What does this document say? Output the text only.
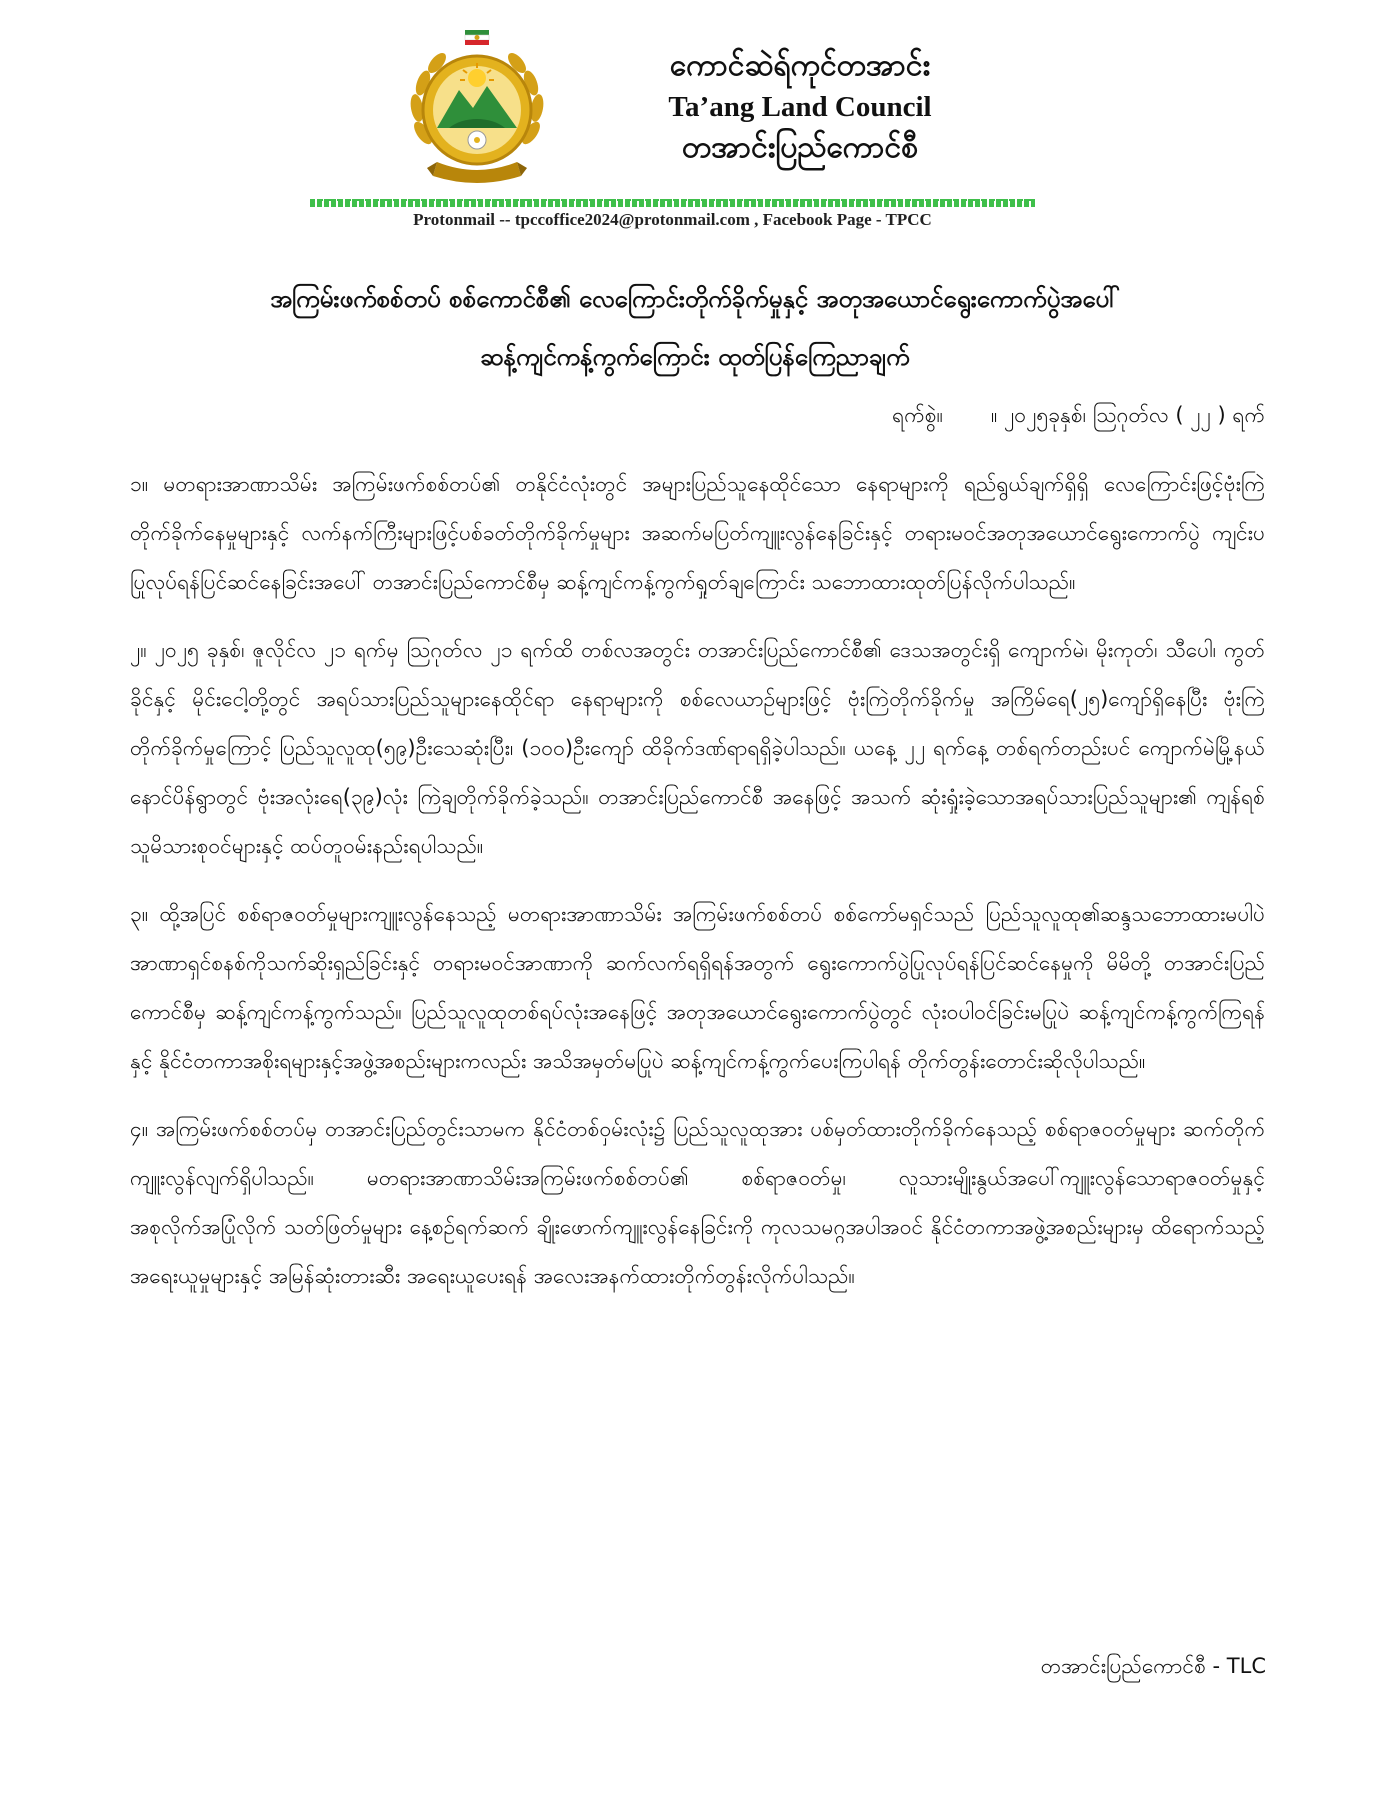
ကောင်ဆဲရ်ကုင်တအာင်း

Ta’ang Land Council

တအာင်းပြည်ကောင်စီ

Protonmail -- tpccoffice2024@protonmail.com , Facebook Page - TPCC

အကြမ်းဖက်စစ်တပ် စစ်ကောင်စီ၏ လေကြောင်းတိုက်ခိုက်မှုနှင့် အတုအယောင်ရွေးကောက်ပွဲအပေါ်

ဆန့်ကျင်ကန့်ကွက်ကြောင်း ထုတ်ပြန်ကြေညာချက်

ရက်စွဲ။ ။ ၂၀၂၅ခုနှစ်၊ ဩဂုတ်လ ( ၂၂ ) ရက်

၁။ မတရားအာဏာသိမ်း အကြမ်းဖက်စစ်တပ်၏ တနိုင်ငံလုံးတွင် အများပြည်သူနေထိုင်သော နေရာများကို ရည်ရွယ်ချက်ရှိရှိ လေကြောင်းဖြင့်ဗုံးကြဲတိုက်ခိုက်နေမှုများနှင့် လက်နက်ကြီးများဖြင့်ပစ်ခတ်တိုက်ခိုက်မှုများ အဆက်မပြတ်ကျူးလွန်နေခြင်းနှင့် တရားမဝင်အတုအယောင်ရွေးကောက်ပွဲ ကျင်းပပြုလုပ်ရန်ပြင်ဆင်နေခြင်းအပေါ် တအာင်းပြည်ကောင်စီမှ ဆန့်ကျင်ကန့်ကွက်ရှုတ်ချကြောင်း သဘောထားထုတ်ပြန်လိုက်ပါသည်။

၂။ ၂၀၂၅ ခုနှစ်၊ ဇူလိုင်လ ၂၁ ရက်မှ ဩဂုတ်လ ၂၁ ရက်ထိ တစ်လအတွင်း တအာင်းပြည်ကောင်စီ၏ ဒေသအတွင်းရှိ ကျောက်မဲ၊ မိုးကုတ်၊ သီပေါ၊ ကွတ်ခိုင်နှင့် မိုင်းငေါ့တို့တွင် အရပ်သားပြည်သူများနေထိုင်ရာ နေရာများကို စစ်လေယာဉ်များဖြင့် ဗုံးကြဲတိုက်ခိုက်မှု အကြိမ်ရေ(၂၅)ကျော်ရှိနေပြီး ဗုံးကြဲတိုက်ခိုက်မှုကြောင့် ပြည်သူလူထု(၅၉)ဦးသေဆုံးပြီး၊ (၁၀၀)ဦးကျော် ထိခိုက်ဒဏ်ရာရရှိခဲ့ပါသည်။ ယနေ့ ၂၂ ရက်နေ့ တစ်ရက်တည်းပင် ကျောက်မဲမြို့နယ် နောင်ပိန်ရွာတွင် ဗုံးအလုံးရေ(၃၉)လုံး ကြဲချတိုက်ခိုက်ခဲ့သည်။ တအာင်းပြည်ကောင်စီ အနေဖြင့် အသက် ဆုံးရှုံးခဲ့သောအရပ်သားပြည်သူများ၏ ကျန်ရစ်သူမိသားစုဝင်များနှင့် ထပ်တူဝမ်းနည်းရပါသည်။

၃။ ထို့အပြင် စစ်ရာဇဝတ်မှုများကျူးလွန်နေသည့် မတရားအာဏာသိမ်း အကြမ်းဖက်စစ်တပ် စစ်ကော်မရှင်သည် ပြည်သူလူထု၏ဆန္ဒသဘောထားမပါပဲ အာဏာရှင်စနစ်ကိုသက်ဆိုးရှည်ခြင်းနှင့် တရားမဝင်အာဏာကို ဆက်လက်ရရှိရန်အတွက် ရွေးကောက်ပွဲပြုလုပ်ရန်ပြင်ဆင်နေမှုကို မိမိတို့ တအာင်းပြည်ကောင်စီမှ ဆန့်ကျင်ကန့်ကွက်သည်။ ပြည်သူလူထုတစ်ရပ်လုံးအနေဖြင့် အတုအယောင်ရွေးကောက်ပွဲတွင် လုံးဝပါဝင်ခြင်းမပြုပဲ ဆန့်ကျင်ကန့်ကွက်ကြရန်နှင့် နိုင်ငံတကာအစိုးရများနှင့်အဖွဲ့အစည်းများကလည်း အသိအမှတ်မပြုပဲ ဆန့်ကျင်ကန့်ကွက်ပေးကြပါရန် တိုက်တွန်းတောင်းဆိုလိုပါသည်။

၄။ အကြမ်းဖက်စစ်တပ်မှ တအာင်းပြည်တွင်းသာမက နိုင်ငံတစ်ဝှမ်းလုံး၌ ပြည်သူလူထုအား ပစ်မှတ်ထားတိုက်ခိုက်နေသည့် စစ်ရာဇဝတ်မှုများ ဆက်တိုက်ကျူးလွန်လျက်ရှိပါသည်။ မတရားအာဏာသိမ်းအကြမ်းဖက်စစ်တပ်၏ စစ်ရာဇဝတ်မှု၊ လူသားမျိုးနွယ်အပေါ်ကျူးလွန်သောရာဇဝတ်မှုနှင့် အစုလိုက်အပြုံလိုက် သတ်ဖြတ်မှုများ နေ့စဉ်ရက်ဆက် ချိုးဖောက်ကျူးလွန်နေခြင်းကို ကုလသမဂ္ဂအပါအဝင် နိုင်ငံတကာအဖွဲ့အစည်းများမှ ထိရောက်သည့်အရေးယူမှုများနှင့် အမြန်ဆုံးတားဆီး အရေးယူပေးရန် အလေးအနက်ထားတိုက်တွန်းလိုက်ပါသည်။

တအာင်းပြည်ကောင်စီ - TLC
